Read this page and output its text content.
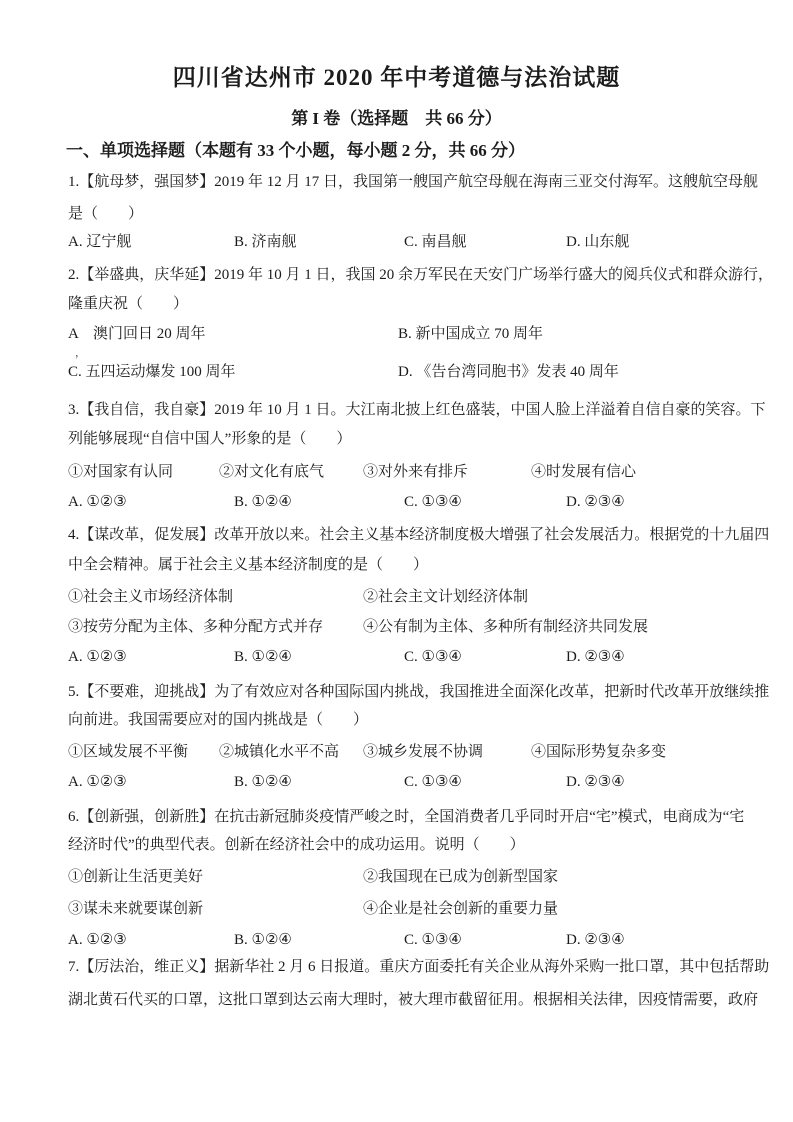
四川省达州市 2020 年中考道德与法治试题
第 I 卷（选择题　共 66 分）
一、单项选择题（本题有 33 个小题，每小题 2 分，共 66 分）
1.【航母梦，强国梦】2019 年 12 月 17 日，我国第一艘国产航空母舰在海南三亚交付海军。这艘航空母舰
是（　　）
A. 辽宁舰	B. 济南舰	C. 南昌舰	D. 山东舰
2.【举盛典，庆华延】2019 年 10 月 1 日，我国 20 余万军民在天安门广场举行盛大的阅兵仪式和群众游行，
隆重庆祝（　　）
A　澳门回日 20 周年	B. 新中国成立 70 周年
，
C. 五四运动爆发 100 周年	D. 《告台湾同胞书》发表 40 周年
3.【我自信，我自豪】2019 年 10 月 1 日。大江南北披上红色盛装，中国人脸上洋溢着自信自豪的笑容。下
列能够展现“自信中国人”形象的是（　　）
①对国家有认同	②对文化有底气	③对外来有排斥	④时发展有信心
A. ①②③	B. ①②④	C. ①③④	D. ②③④
4.【谋改革，促发展】改革开放以来。社会主义基本经济制度极大增强了社会发展活力。根据党的十九届四
中全会精神。属于社会主义基本经济制度的是（　　）
①社会主义市场经济体制	②社会主文计划经济体制
③按劳分配为主体、多种分配方式并存	④公有制为主体、多种所有制经济共同发展
A. ①②③	B. ①②④	C. ①③④	D. ②③④
5.【不要难，迎挑战】为了有效应对各种国际国内挑战，我国推进全面深化改革，把新时代改革开放继续推
向前进。我国需要应对的国内挑战是（　　）
①区域发展不平衡 ②城镇化水平不高 ③城乡发展不协调	④国际形势复杂多变
A. ①②③	B. ①②④	C. ①③④	D. ②③④
6.【创新强，创新胜】在抗击新冠肺炎疫情严峻之时，全国消费者几乎同时开启“宅”模式，电商成为“宅
经济时代”的典型代表。创新在经济社会中的成功运用。说明（　　）
①创新让生活更美好	②我国现在已成为创新型国家
③谋未来就要谋创新	④企业是社会创新的重要力量
A. ①②③	B. ①②④	C. ①③④	D. ②③④
7.【厉法治，维正义】据新华社 2 月 6 日报道。重庆方面委托有关企业从海外采购一批口罩，其中包括帮助
湖北黄石代买的口罩，这批口罩到达云南大理时，被大理市截留征用。根据相关法律，因疫情需要，政府
